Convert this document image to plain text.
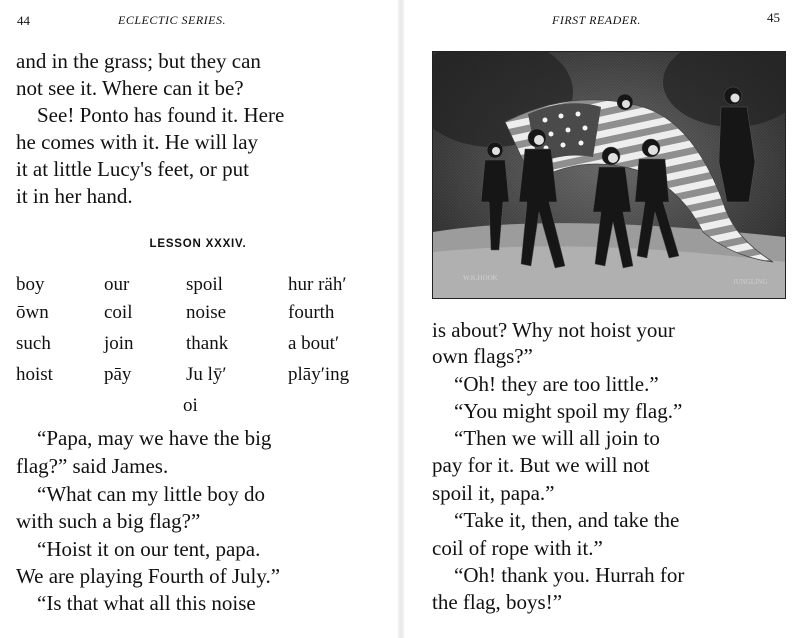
44	ECLECTIC SERIES.
and in the grass; but they can
not see it. Where can it be?
See! Ponto has found it. Here
he comes with it. He will lay
it at little Lucy's feet, or put
it in her hand.
LESSON XXXIV.
boy	our	spoil	hur räh′
ōwn	coil	noise	fourth
such	join	thank	a bout′
hoist	pāy	Ju lȳ′	plāy′ing
oi
“Papa, may we have the big
flag?” said James.
“What can my little boy do
with such a big flag?”
“Hoist it on our tent, papa.
We are playing Fourth of July.”
“Is that what all this noise
FIRST READER.	45
W.K.HOOK	JUNGLING
is about? Why not hoist your
own flags?”
“Oh! they are too little.”
“You might spoil my flag.”
“Then we will all join to
pay for it. But we will not
spoil it, papa.”
“Take it, then, and take the
coil of rope with it.”
“Oh! thank you. Hurrah for
the flag, boys!”
